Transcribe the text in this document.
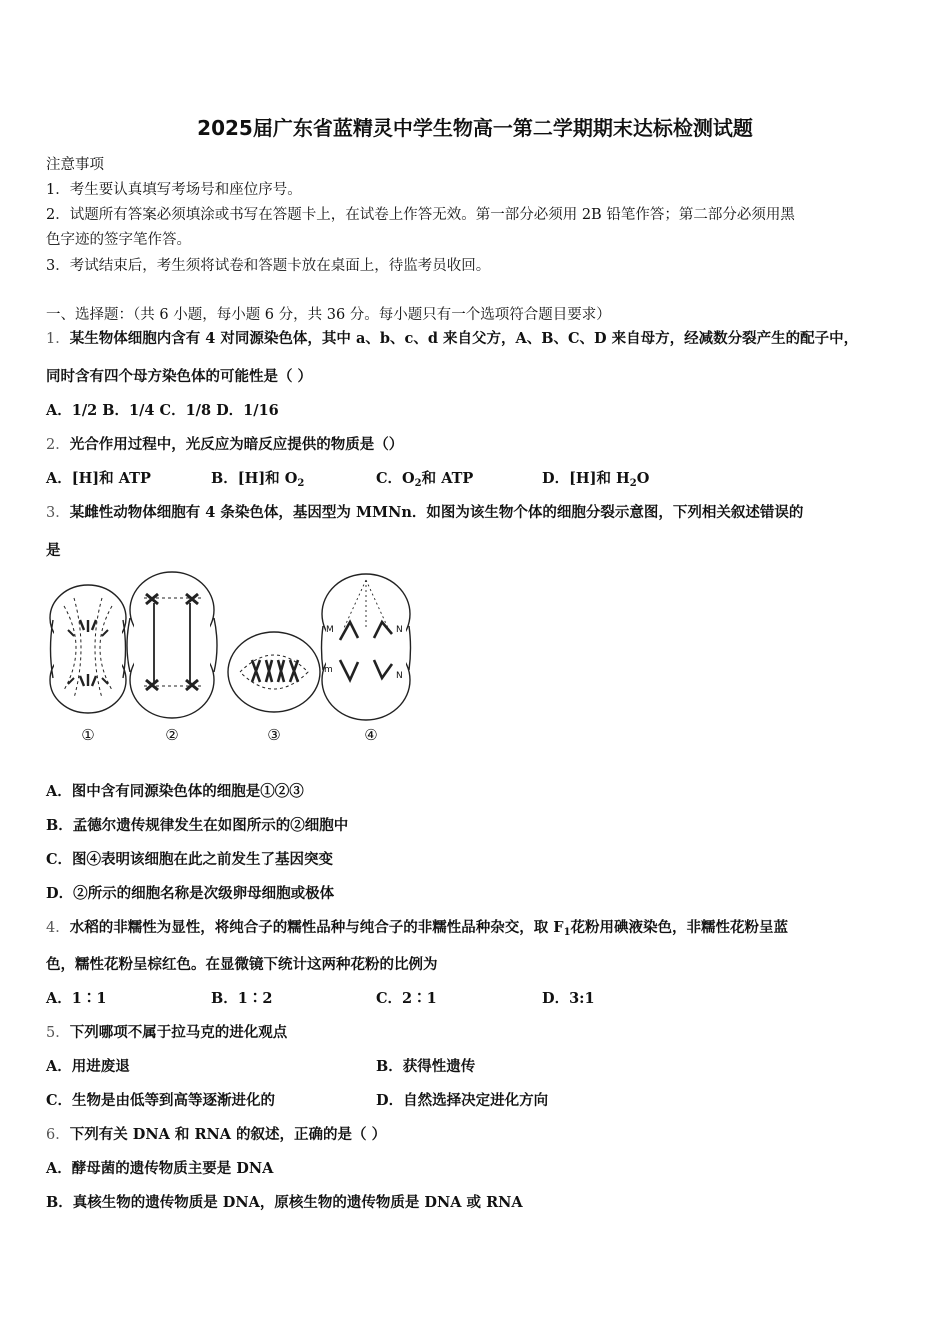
2025届广东省蓝精灵中学生物高一第二学期期末达标检测试题
注意事项
1．考生要认真填写考场号和座位序号。
2．试题所有答案必须填涂或书写在答题卡上，在试卷上作答无效。第一部分必须用 2B 铅笔作答；第二部分必须用黑
色字迹的签字笔作答。
3．考试结束后，考生须将试卷和答题卡放在桌面上，待监考员收回。
一、选择题：（共 6 小题，每小题 6 分，共 36 分。每小题只有一个选项符合题目要求）
1．某生物体细胞内含有 4 对同源染色体，其中 a、b、c、d 来自父方，A、B、C、D 来自母方，经减数分裂产生的配子中，
同时含有四个母方染色体的可能性是（ ）
A．1/2 B．1/4 C．1/8 D．1/16
2．光合作用过程中，光反应为暗反应提供的物质是（）
A．[H]和 ATP	B．[H]和 $O_2$	C．$O_2$和 ATP	D．[H]和 $H_2O$
3．某雌性动物体细胞有 4 条染色体，基因型为 MMNn．如图为该生物个体的细胞分裂示意图，下列相关叙述错误的
是
M	N
m
N
①	②	③	④
A．图中含有同源染色体的细胞是①②③
B．孟德尔遗传规律发生在如图所示的②细胞中
C．图④表明该细胞在此之前发生了基因突变
D．②所示的细胞名称是次级卵母细胞或极体
4．水稻的非糯性为显性，将纯合子的糯性品种与纯合子的非糯性品种杂交，取 $F_1$花粉用碘液染色，非糯性花粉呈蓝
色，糯性花粉呈棕红色。在显微镜下统计这两种花粉的比例为
A．1∶1	B．1∶2	C．2∶1	D．3:1
5．下列哪项不属于拉马克的进化观点
A．用进废退	B．获得性遗传
C．生物是由低等到高等逐渐进化的	D．自然选择决定进化方向
6．下列有关 DNA 和 RNA 的叙述，正确的是（ ）
A．酵母菌的遗传物质主要是 DNA
B．真核生物的遗传物质是 DNA，原核生物的遗传物质是 DNA 或 RNA
